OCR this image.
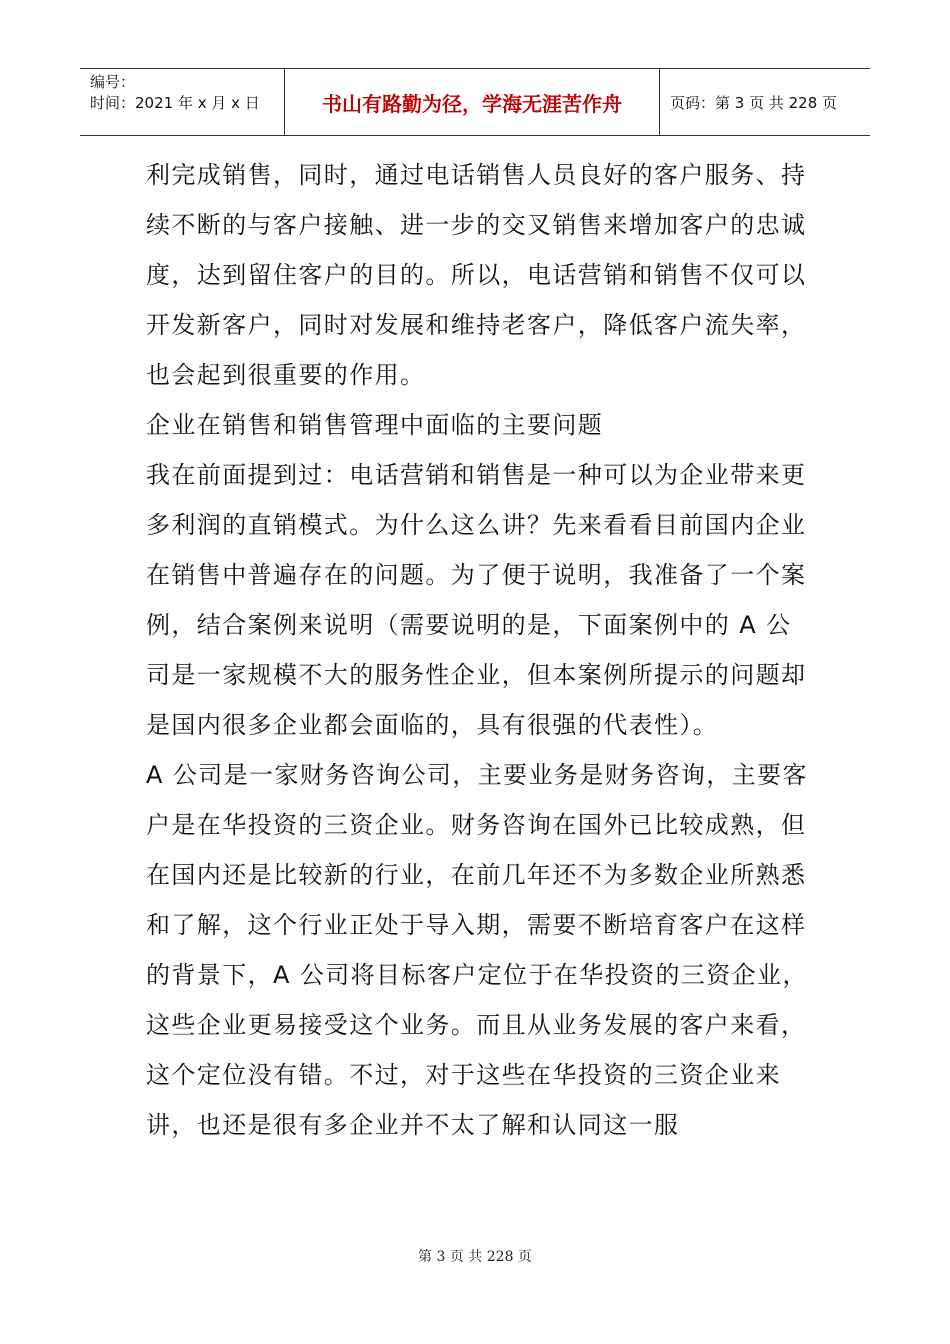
编号：
时间：2021 年 x 月 x 日	书山有路勤为径，学海无涯苦作舟	页码：第 3 页 共 228 页

利完成销售，同时，通过电话销售人员良好的客户服务、持续不断的与客户接触、进一步的交叉销售来增加客户的忠诚度，达到留住客户的目的。所以，电话营销和销售不仅可以开发新客户，同时对发展和维持老客户，降低客户流失率，也会起到很重要的作用。

企业在销售和销售管理中面临的主要问题

我在前面提到过：电话营销和销售是一种可以为企业带来更多利润的直销模式。为什么这么讲？先来看看目前国内企业在销售中普遍存在的问题。为了便于说明，我准备了一个案例，结合案例来说明（需要说明的是，下面案例中的 A 公司是一家规模不大的服务性企业，但本案例所提示的问题却是国内很多企业都会面临的，具有很强的代表性）。

A 公司是一家财务咨询公司，主要业务是财务咨询，主要客户是在华投资的三资企业。财务咨询在国外已比较成熟，但在国内还是比较新的行业，在前几年还不为多数企业所熟悉和了解，这个行业正处于导入期，需要不断培育客户在这样的背景下，A 公司将目标客户定位于在华投资的三资企业，这些企业更易接受这个业务。而且从业务发展的客户来看，这个定位没有错。不过，对于这些在华投资的三资企业来讲，也还是很有多企业并不太了解和认同这一服

第 3 页 共 228 页
